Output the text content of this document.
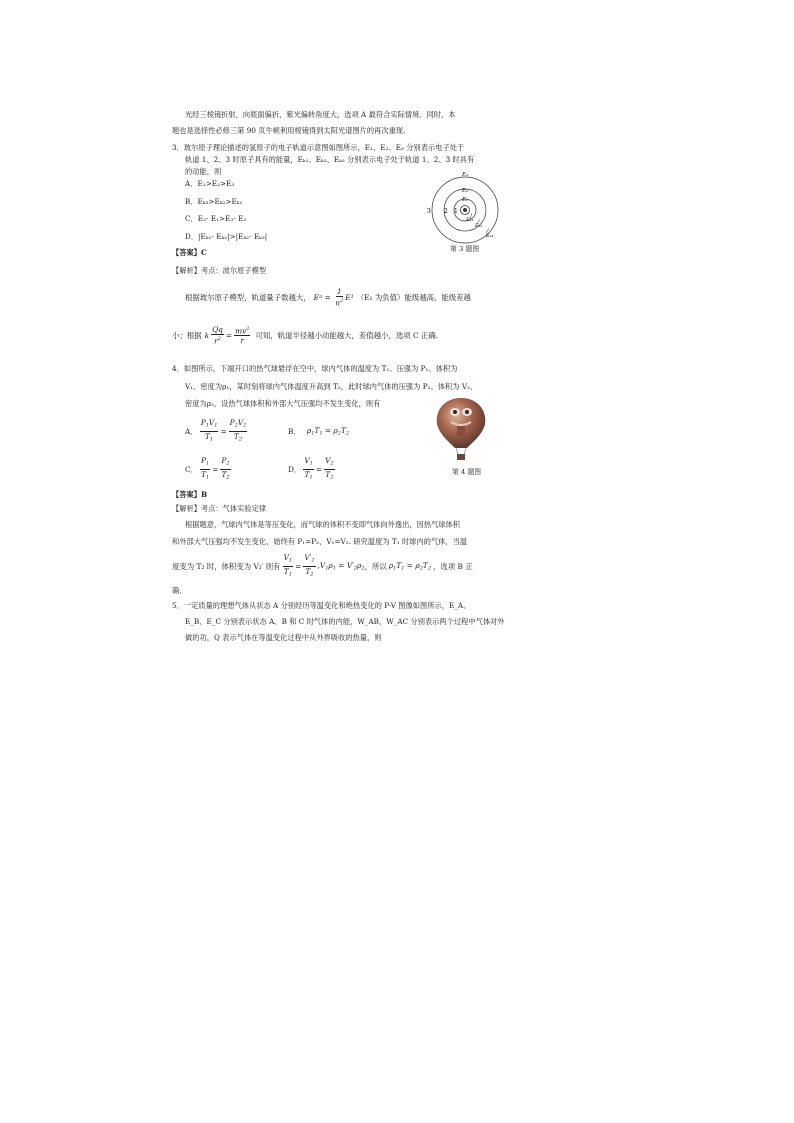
光经三棱镜折射，向底面偏折，紫光偏转角度大，选项 A 最符合实际情境．同时，本
题也是选择性必修三第 90 页牛顿利用棱镜得到太阳光谱图片的再次重现.
3．玻尔原子理论描述的氢原子的电子轨道示意图如图所示，E₁、E₂、E₃ 分别表示电子处于
轨道 1、2、3 时原子具有的能量，Eₖ₁、Eₖ₂、Eₖ₃ 分别表示电子处于轨道 1、2、3 时具有
的动能，则
A．E₁>E₂>E₃
B．Eₖ₃>Eₖ₂>Eₖ₁
C．E₂- E₁>E₃- E₂
D．|Eₖ₁- Eₖ₂|>|Eₖ₂- Eₖ₃|
【答案】C
【解析】考点：波尔原子模型
E₃
E₂
E₁
3 2 1
Eₖ₁
Eₖ₂
Eₖ₃
第 3 题图
根据玻尔原子模型，轨道量子数越大， E $n = \frac{1}{n^2}$ E 1 （E₁ 为负值）能级越高，能级差越
小；根据 k $\frac{Qq}{r^2} = \frac{mv^2}{r}$ 可知，轨道半径越小动能越大，差值越小，选项 C 正确.
4．如图所示，下端开口的热气球悬浮在空中，球内气体的温度为 T₁、压强为 P₁、体积为
V₁、密度为ρ₁，某时刻将球内气体温度升高到 T₂，此时球内气体的压强为 P₂、体积为 V₂、
密度为ρ₂，设热气球体积和外部大气压强均不发生变化，则有
A． $\frac{P_1V_1}{T_1} = \frac{P_2V_2}{T_2}$	B． $\rho_1T_1 = \rho_2T_2$
C． $\frac{P_1}{T_1} = \frac{P_2}{T_2}$	D． $\frac{V_1}{T_1} = \frac{V_2}{T_2}$	第 4 题图
【答案】B
【解析】考点：气体实验定律
根据题意，气球内气体是等压变化，而气球的体积不变即气体向外逸出，因热气球体积
和外部大气压强均不发生变化，始终有 P₁=P₂，V₁=V₂. 研究温度为 T₁ 时球内的气体，当温
度变为 T₂ 时，体积变为 V₂′ 则有 $\frac{V_1}{T_1} = \frac{V'_2}{T_2} ,V_1\rho_1 = V'_2\rho_2$ ，所以 $\rho_1T_1 = \rho_2T_2$ ，选项 B 正
确．
5．一定质量的理想气体从状态 A 分别经历等温变化和绝热变化的 P-V 图像如图所示，E_A、
E_B、E_C 分别表示状态 A、B 和 C 时气体的内能，W_AB、W_AC 分别表示两个过程中气体对外
做的功，Q 表示气体在等温变化过程中从外界吸收的热量，则
